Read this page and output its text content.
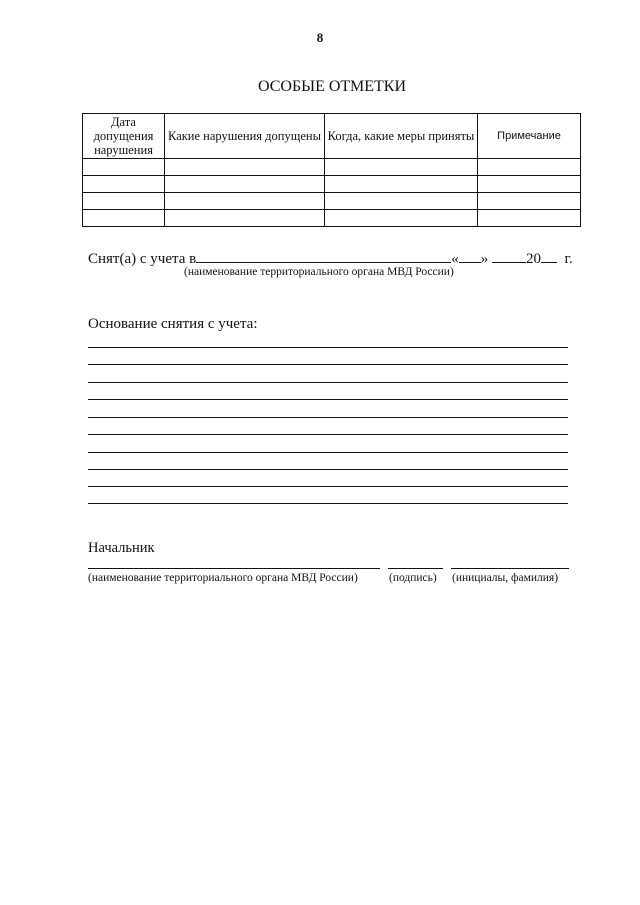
8
ОСОБЫЕ ОТМЕТКИ
Дата допущения нарушения	Какие нарушения допущены	Когда, какие меры приняты	Примечание

Снят(а) с учета в	« »	20 г.
(наименование территориального органа МВД России)
Основание снятия с учета:
Начальник
(наименование территориального органа МВД России)	(подпись) (инициалы, фамилия)
